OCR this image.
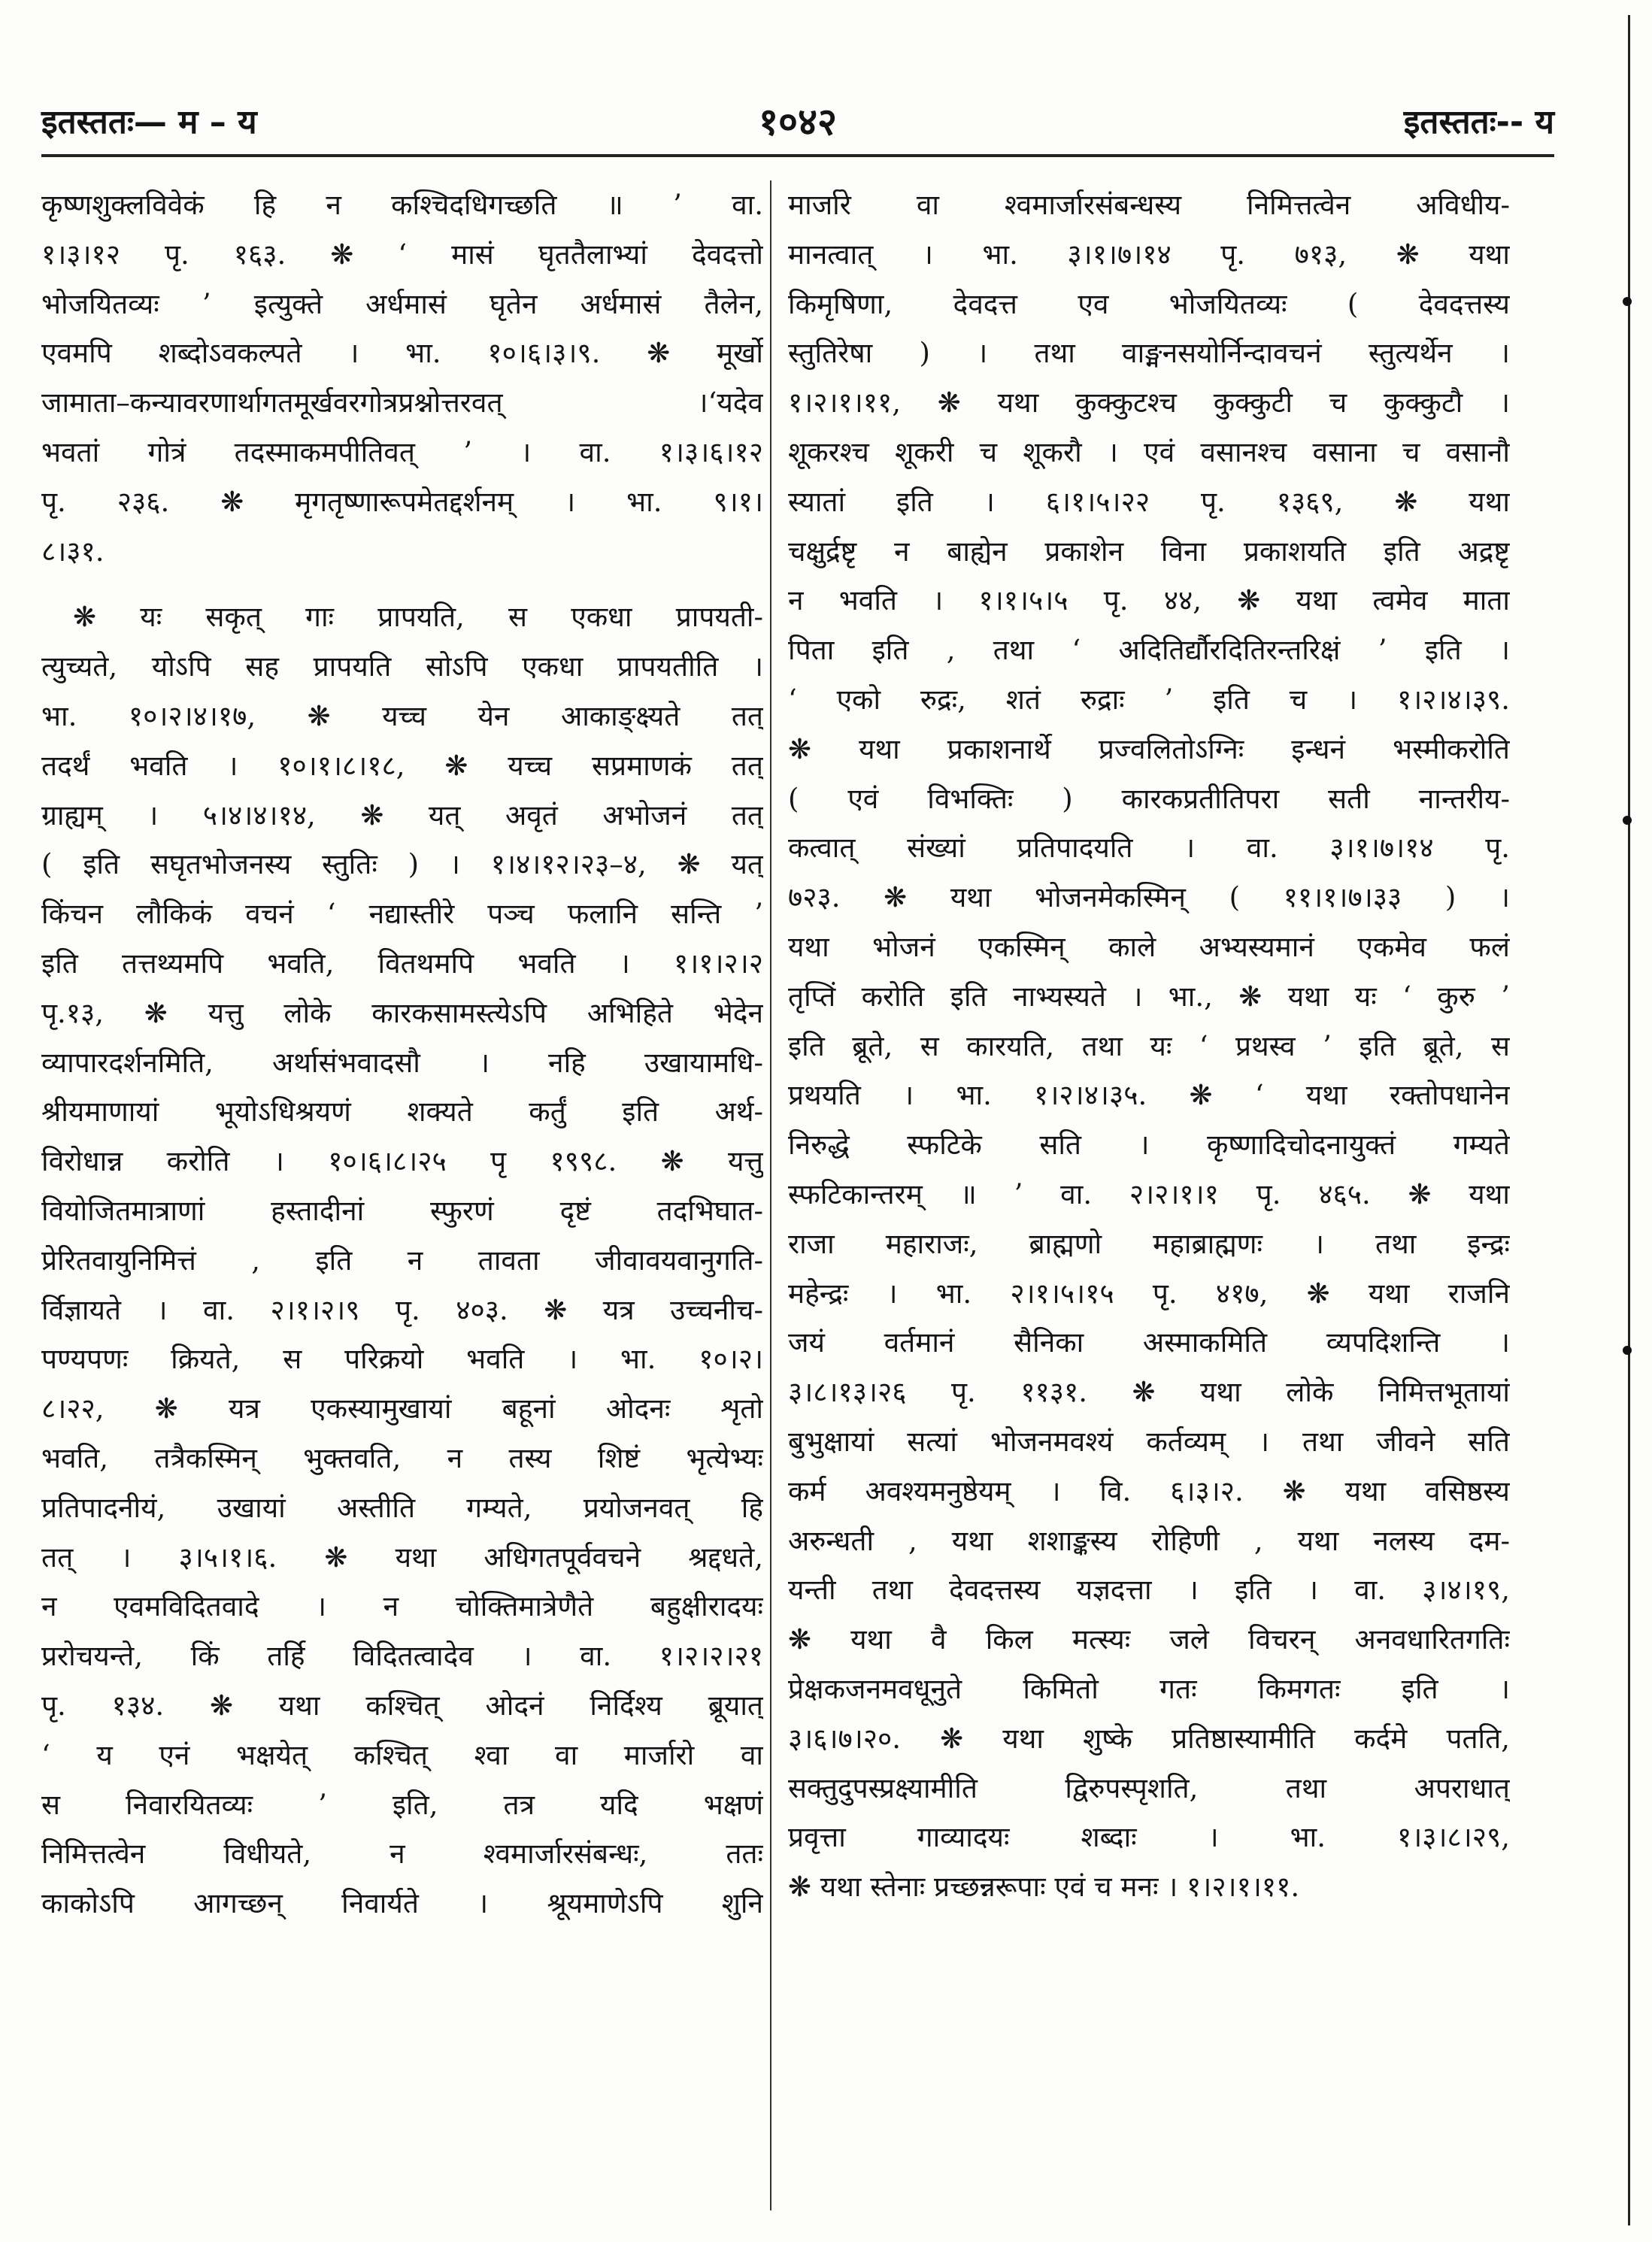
इतस्ततः— म – य	१०४२	इतस्ततः-- य
कृष्णशुक्लविवेकं हि न कश्चिदधिगच्छति ॥ ’ वा.
१।३।१२ पृ. १६३. ❋ ‘ मासं घृततैलाभ्यां देवदत्तो
भोजयितव्यः ’ इत्युक्ते अर्धमासं घृतेन अर्धमासं तैलेन,
एवमपि शब्दोऽवकल्पते । भा. १०।६।३।९. ❋ मूर्खो
जामाता–कन्यावरणार्थागतमूर्खवरगोत्रप्रश्नोत्तरवत् ।‘यदेव
भवतां गोत्रं तदस्माकमपीतिवत् ’ । वा. १।३।६।१२
पृ. २३६. ❋ मृगतृष्णारूपमेतद्दर्शनम् । भा. ९।१।
८।३१.
❋ यः सकृत् गाः प्रापयति, स एकधा प्रापयती-
त्युच्यते, योऽपि सह प्रापयति सोऽपि एकधा प्रापयतीति ।
भा. १०।२।४।१७, ❋ यच्च येन आकाङ्क्ष्यते तत्
तदर्थं भवति । १०।१।८।१८, ❋ यच्च सप्रमाणकं तत्
ग्राह्यम् । ५।४।४।१४, ❋ यत् अवृतं अभोजनं तत्
( इति सघृतभोजनस्य स्तुतिः ) । १।४।१२।२३–४, ❋ यत्
किंचन लौकिकं वचनं ‘ नद्यास्तीरे पञ्च फलानि सन्ति ’
इति तत्तथ्यमपि भवति, वितथमपि भवति । १।१।२।२
पृ.१३, ❋ यत्तु लोके कारकसामस्त्येऽपि अभिहिते भेदेन
व्यापारदर्शनमिति, अर्थासंभवादसौ । नहि उखायामधि-
श्रीयमाणायां भूयोऽधिश्रयणं शक्यते कर्तुं इति अर्थ-
विरोधान्न करोति । १०।६।८।२५ पृ १९९८. ❋ यत्तु
वियोजितमात्राणां हस्तादीनां स्फुरणं दृष्टं तदभिघात-
प्रेरितवायुनिमित्तं , इति न तावता जीवावयवानुगति-
र्विज्ञायते । वा. २।१।२।९ पृ. ४०३. ❋ यत्र उच्चनीच-
पण्यपणः क्रियते, स परिक्रयो भवति । भा. १०।२।
८।२२, ❋ यत्र एकस्यामुखायां बहूनां ओदनः शृतो
भवति, तत्रैकस्मिन् भुक्तवति, न तस्य शिष्टं भृत्येभ्यः
प्रतिपादनीयं, उखायां अस्तीति गम्यते, प्रयोजनवत् हि
तत् । ३।५।१।६. ❋ यथा अधिगतपूर्ववचने श्रद्दधते,
न एवमविदितवादे । न चोक्तिमात्रेणैते बहुक्षीरादयः
प्ररोचयन्ते, किं तर्हि विदितत्वादेव । वा. १।२।२।२१
पृ. १३४. ❋ यथा कश्चित् ओदनं निर्दिश्य ब्रूयात्
‘ य एनं भक्षयेत् कश्चित् श्वा वा मार्जारो वा
स निवारयितव्यः ’ इति, तत्र यदि भक्षणं
निमित्तत्वेन विधीयते, न श्वमार्जारसंबन्धः, ततः
काकोऽपि आगच्छन् निवार्यते । श्रूयमाणेऽपि शुनि
मार्जारे वा श्वमार्जारसंबन्धस्य निमित्तत्वेन अविधीय-
मानत्वात् । भा. ३।१।७।१४ पृ. ७१३, ❋ यथा
किमृषिणा, देवदत्त एव भोजयितव्यः ( देवदत्तस्य
स्तुतिरेषा ) । तथा वाङ्मनसयोर्निन्दावचनं स्तुत्यर्थेन ।
१।२।१।११, ❋ यथा कुक्कुटश्च कुक्कुटी च कुक्कुटौ ।
शूकरश्च शूकरी च शूकरौ । एवं वसानश्च वसाना च वसानौ
स्यातां इति । ६।१।५।२२ पृ. १३६९, ❋ यथा
चक्षुर्द्रष्टृ न बाह्येन प्रकाशेन विना प्रकाशयति इति अद्रष्टृ
न भवति । १।१।५।५ पृ. ४४, ❋ यथा त्वमेव माता
पिता इति , तथा ‘ अदितिर्द्यौरदितिरन्तरिक्षं ’ इति ।
‘ एको रुद्रः, शतं रुद्राः ’ इति च । १।२।४।३९.
❋ यथा प्रकाशनार्थे प्रज्वलितोऽग्निः इन्धनं भस्मीकरोति
( एवं विभक्तिः ) कारकप्रतीतिपरा सती नान्तरीय-
कत्वात् संख्यां प्रतिपादयति । वा. ३।१।७।१४ पृ.
७२३. ❋ यथा भोजनमेकस्मिन् ( ११।१।७।३३ ) ।
यथा भोजनं एकस्मिन् काले अभ्यस्यमानं एकमेव फलं
तृप्तिं करोति इति नाभ्यस्यते । भा., ❋ यथा यः ‘ कुरु ’
इति ब्रूते, स कारयति, तथा यः ‘ प्रथस्व ’ इति ब्रूते, स
प्रथयति । भा. १।२।४।३५. ❋ ‘ यथा रक्तोपधानेन
निरुद्धे स्फटिके सति । कृष्णादिचोदनायुक्तं गम्यते
स्फटिकान्तरम् ॥ ’ वा. २।२।१।१ पृ. ४६५. ❋ यथा
राजा महाराजः, ब्राह्मणो महाब्राह्मणः । तथा इन्द्रः
महेन्द्रः । भा. २।१।५।१५ पृ. ४१७, ❋ यथा राजनि
जयं वर्तमानं सैनिका अस्माकमिति व्यपदिशन्ति ।
३।८।१३।२६ पृ. ११३१. ❋ यथा लोके निमित्तभूतायां
बुभुक्षायां सत्यां भोजनमवश्यं कर्तव्यम् । तथा जीवने सति
कर्म अवश्यमनुष्ठेयम् । वि. ६।३।२. ❋ यथा वसिष्ठस्य
अरुन्धती , यथा शशाङ्कस्य रोहिणी , यथा नलस्य दम-
यन्ती तथा देवदत्तस्य यज्ञदत्ता । इति । वा. ३।४।१९,
❋ यथा वै किल मत्स्यः जले विचरन् अनवधारितगतिः
प्रेक्षकजनमवधूनुते किमितो गतः किमगतः इति ।
३।६।७।२०. ❋ यथा शुष्के प्रतिष्ठास्यामीति कर्दमे पतति,
सक्तुदुपस्प्रक्ष्यामीति द्विरुपस्पृशति, तथा अपराधात्
प्रवृत्ता गाव्यादयः शब्दाः । भा. १।३।८।२९,
❋ यथा स्तेनाः प्रच्छन्नरूपाः एवं च मनः । १।२।१।११.
